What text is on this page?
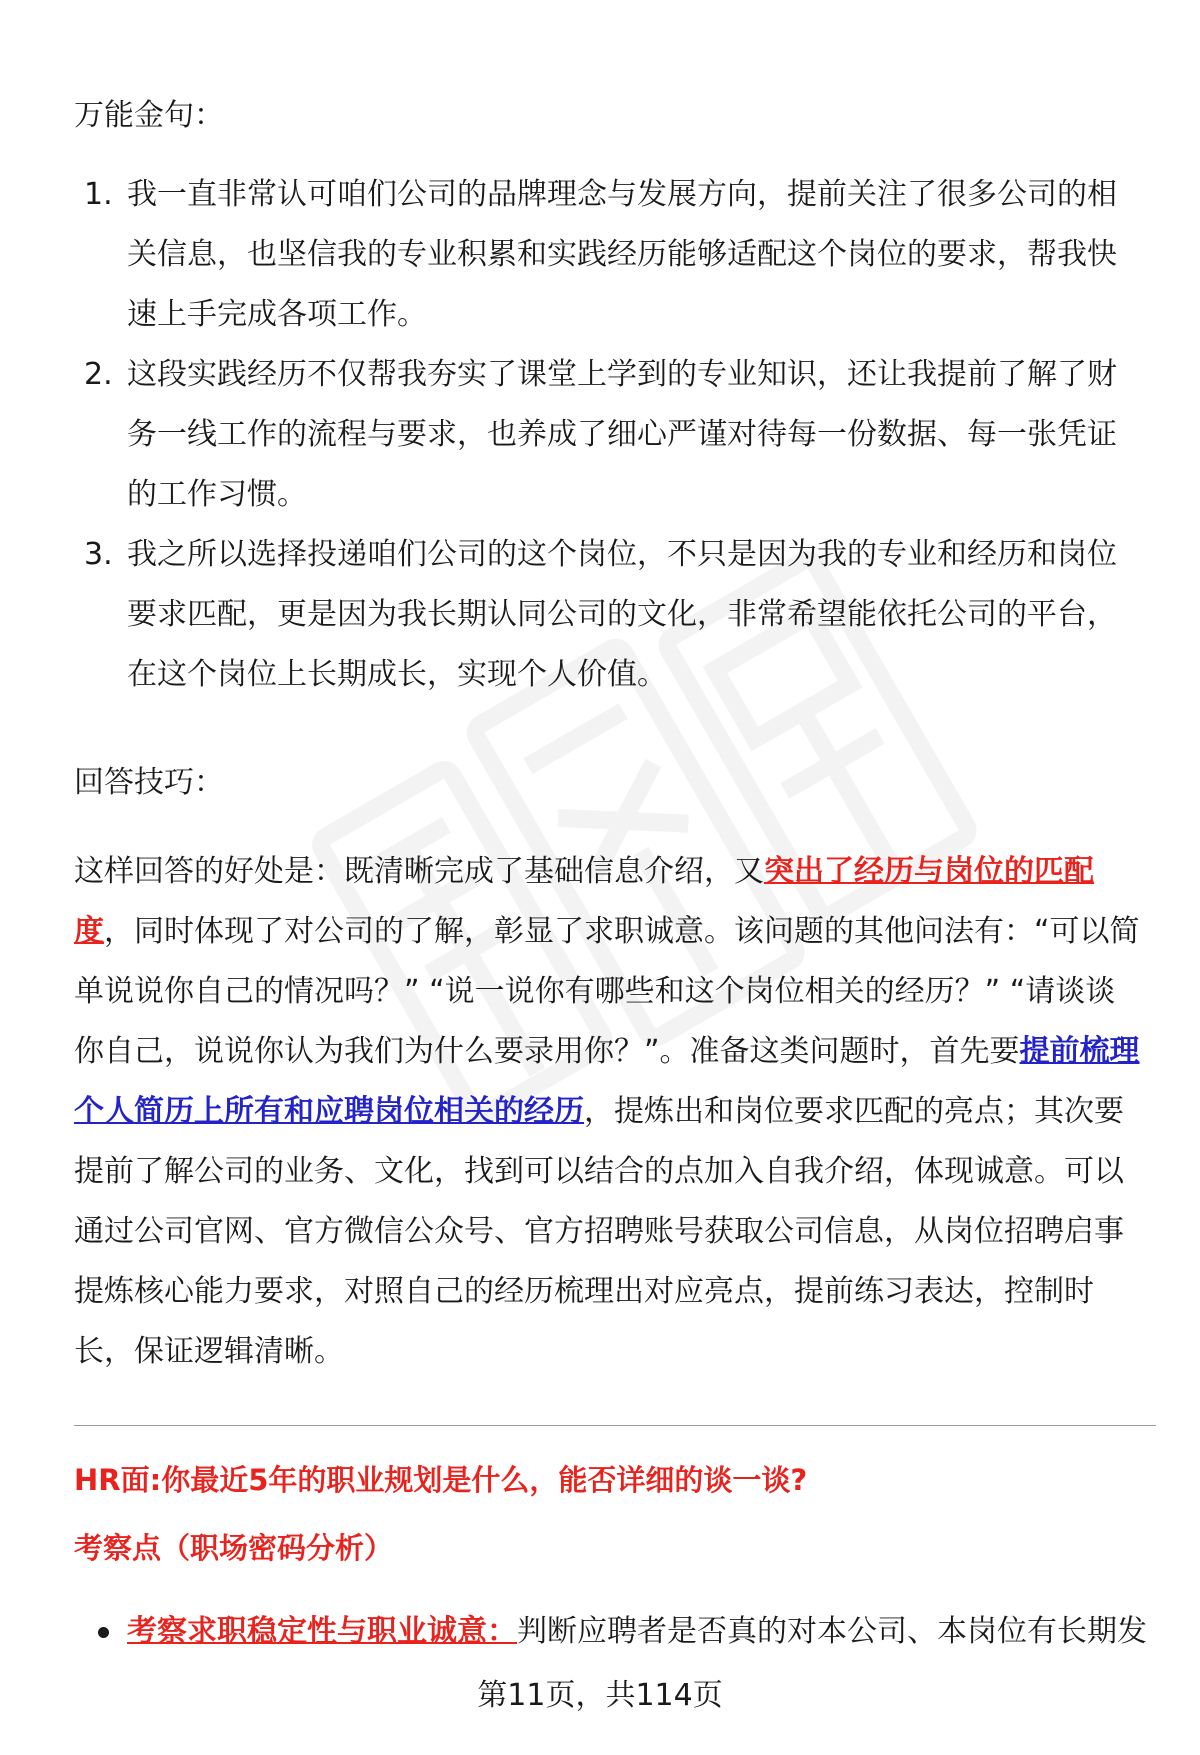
万能金句：
1. 我一直非常认可咱们公司的品牌理念与发展方向，提前关注了很多公司的相关信息，也坚信我的专业积累和实践经历能够适配这个岗位的要求，帮我快速上手完成各项工作。
2. 这段实践经历不仅帮我夯实了课堂上学到的专业知识，还让我提前了解了财务一线工作的流程与要求，也养成了细心严谨对待每一份数据、每一张凭证的工作习惯。
3. 我之所以选择投递咱们公司的这个岗位，不只是因为我的专业和经历和岗位要求匹配，更是因为我长期认同公司的文化，非常希望能依托公司的平台，在这个岗位上长期成长，实现个人价值。
回答技巧：
这样回答的好处是：既清晰完成了基础信息介绍，又突出了经历与岗位的匹配度，同时体现了对公司的了解，彰显了求职诚意。该问题的其他问法有：“可以简单说说你自己的情况吗？” “说一说你有哪些和这个岗位相关的经历？” “请谈谈你自己，说说你认为我们为什么要录用你？”。准备这类问题时，首先要提前梳理个人简历上所有和应聘岗位相关的经历，提炼出和岗位要求匹配的亮点；其次要提前了解公司的业务、文化，找到可以结合的点加入自我介绍，体现诚意。可以通过公司官网、官方微信公众号、官方招聘账号获取公司信息，从岗位招聘启事提炼核心能力要求，对照自己的经历梳理出对应亮点，提前练习表达，控制时长，保证逻辑清晰。
HR面:你最近5年的职业规划是什么，能否详细的谈一谈?
考察点（职场密码分析）
考察求职稳定性与职业诚意：判断应聘者是否真的对本公司、本岗位有长期发
第11页，共114页
